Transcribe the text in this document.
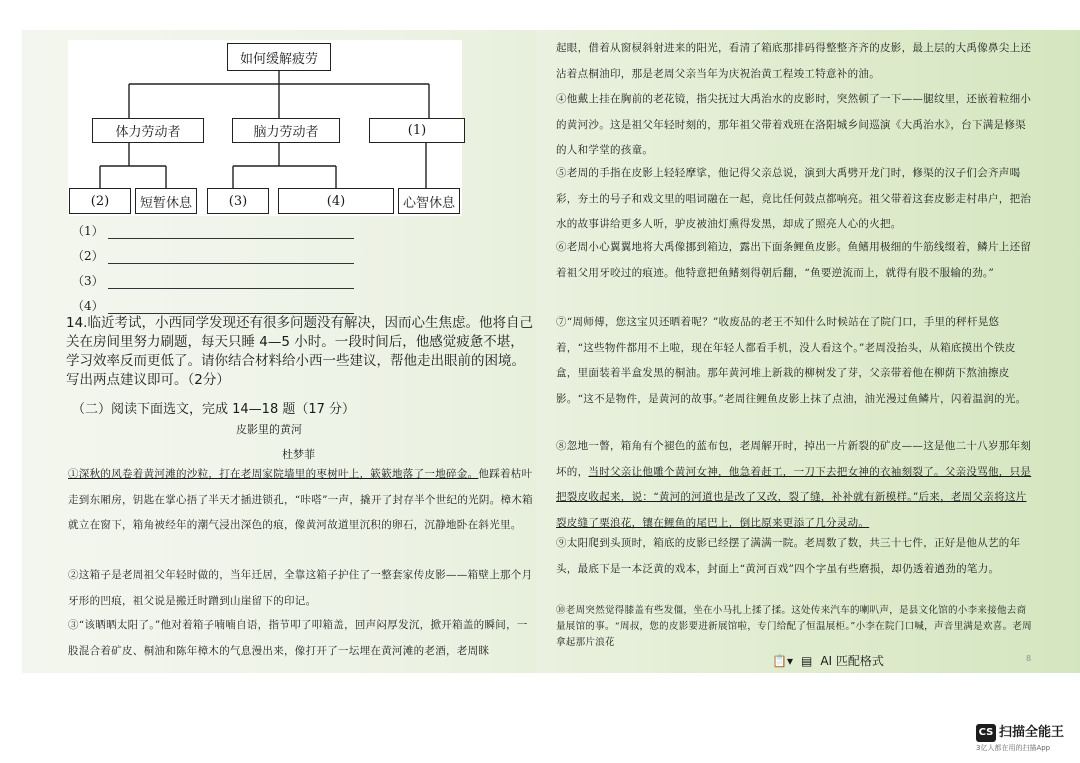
如何缓解疲劳
体力劳动者	脑力劳动者	(1)
(2)	短暂休息	(3)	(4)	心智休息
（1）
（2）
（3）
（4）
14.临近考试，小西同学发现还有很多问题没有解决，因而心生焦虑。他将自己关在房间里努力刷题，每天只睡 4—5 小时。一段时间后，他感觉疲惫不堪，学习效率反而更低了。请你结合材料给小西一些建议，帮他走出眼前的困境。写出两点建议即可。（2分）
（二）阅读下面选文，完成 14—18 题（17 分）
皮影里的黄河
杜梦菲
①深秋的风卷着黄河滩的沙粒，打在老周家院墙里的枣树叶上，簌簌地落了一地碎金。他踩着枯叶走到东厢房，钥匙在掌心捂了半天才插进锁孔，“咔嗒”一声，撬开了封存半个世纪的光阴。樟木箱就立在窗下，箱角被经年的潮气浸出深色的痕，像黄河故道里沉积的卵石，沉静地卧在斜光里。
②这箱子是老周祖父年轻时做的，当年迁居，全靠这箱子护住了一整套家传皮影——箱壁上那个月牙形的凹痕，祖父说是搬迁时蹭到山崖留下的印记。
③“该晒晒太阳了。”他对着箱子喃喃自语，指节叩了叩箱盖，回声闷厚发沉，掀开箱盖的瞬间，一股混合着矿皮、桐油和陈年樟木的气息漫出来，像打开了一坛埋在黄河滩的老酒，老周眯
起眼，借着从窗棂斜射进来的阳光，看清了箱底那排码得整整齐齐的皮影，最上层的大禹像鼻尖上还沾着点桐油印，那是老周父亲当年为庆祝治黄工程竣工特意补的油。
④他戴上挂在胸前的老花镜，指尖抚过大禹治水的皮影时，突然顿了一下——腿纹里，还嵌着粒细小的黄河沙。这是祖父年轻时刻的，那年祖父带着戏班在洛阳城乡间巡演《大禹治水》，台下满是修渠的人和学堂的孩童。
⑤老周的手指在皮影上轻轻摩挲，他记得父亲总说，演到大禹劈开龙门时，修渠的汉子们会齐声喝彩，夯土的号子和戏文里的唱词融在一起，竟比任何鼓点都响亮。祖父带着这套皮影走村串户，把治水的故事讲给更多人听，驴皮被油灯熏得发黑，却成了照亮人心的火把。
⑥老周小心翼翼地将大禹像挪到箱边，露出下面条鲤鱼皮影。鱼鳍用极细的牛筋线缀着，鳞片上还留着祖父用牙咬过的痕迹。他特意把鱼鳍刻得朝后翻，“鱼要逆流而上，就得有股不服输的劲。”
⑦“周师傅，您这宝贝还晒着呢？”收废品的老王不知什么时候站在了院门口，手里的秤杆晃悠着，“这些物件都用不上啦，现在年轻人都看手机，没人看这个。”老周没抬头，从箱底摸出个铁皮盒，里面装着半盒发黑的桐油。那年黄河堆上新栽的柳树发了芽，父亲带着他在柳荫下熬油擦皮影。“这不是物件，是黄河的故事。”老周往鲤鱼皮影上抹了点油，油光漫过鱼鳞片，闪着温润的光。
⑧忽地一瞥，箱角有个褪色的蓝布包，老周解开时，掉出一片新裂的矿皮——这是他二十八岁那年刻坏的，当时父亲让他雕个黄河女神，他急着赶工，一刀下去把女神的衣袖刻裂了。父亲没骂他，只是把裂皮收起来，说：“黄河的河道也是改了又改，裂了缝，补补就有新模样。”后来，老周父亲将这片裂皮缝了栗浪花，镶在鲤鱼的尾巴上，倒比原来更添了几分灵动。
⑨太阳爬到头顶时，箱底的皮影已经摆了满满一院。老周数了数，共三十七件，正好是他从艺的年头，最底下是一本泛黄的戏本，封面上“黄河百戏”四个字虽有些磨损，却仍透着遒劲的笔力。
⑩老周突然觉得膝盖有些发僵，坐在小马扎上揉了揉。这处传来汽车的喇叭声，是县文化馆的小李来接他去商量展馆的事。“周叔，您的皮影要进新展馆啦，专门给配了恒温展柜。”小李在院门口喊，声音里满是欢喜。老周拿起那片浪花
📋▾ ▤ AI 匹配格式	8
CS 扫描全能王
3亿人都在用的扫描App
